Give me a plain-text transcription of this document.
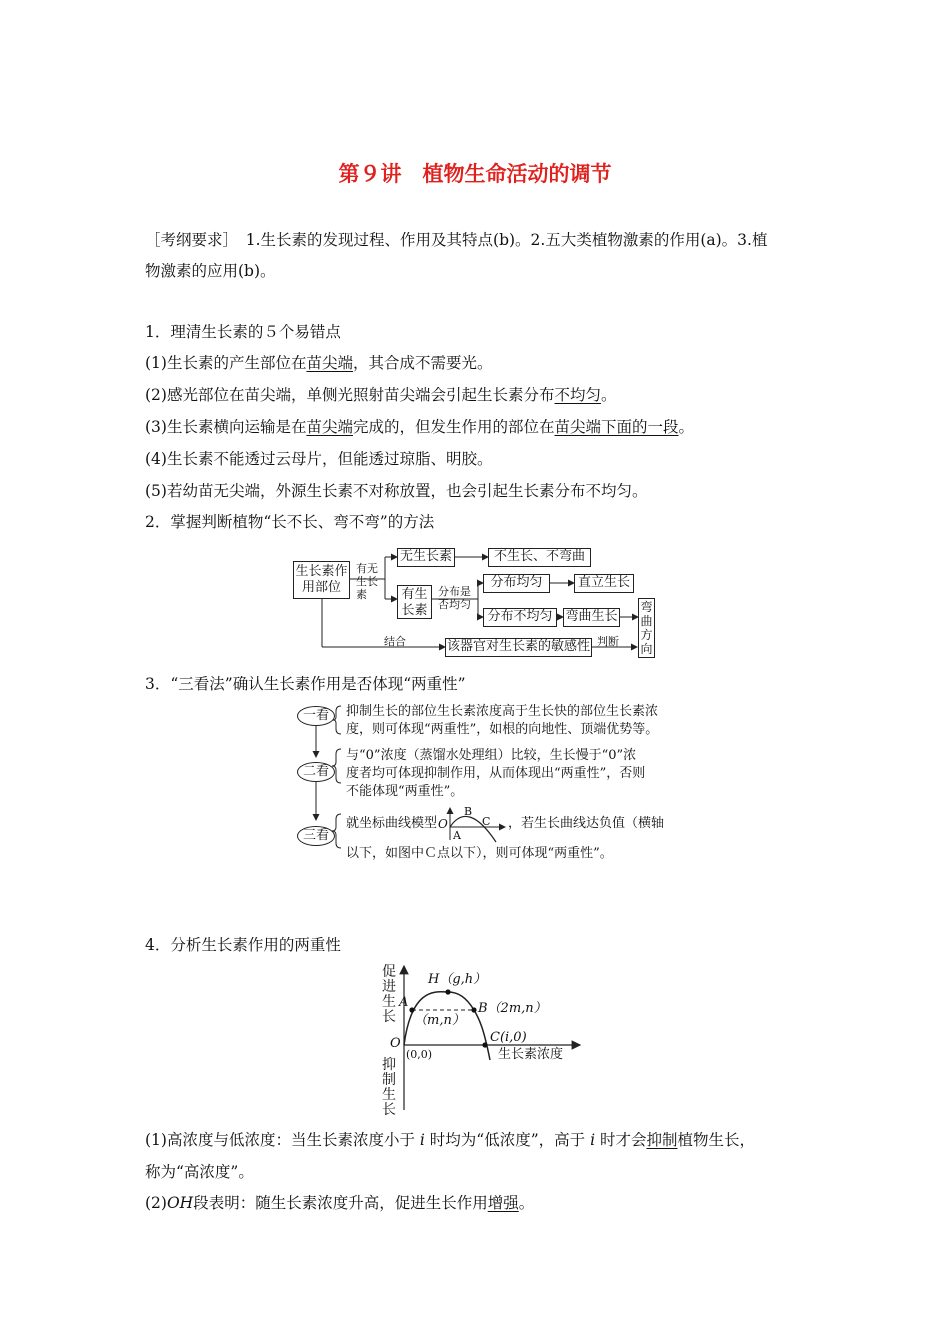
第９讲　植物生命活动的调节
［考纲要求］　1.生长素的发现过程、作用及其特点(b)。2.五大类植物激素的作用(a)。3.植
物激素的应用(b)。
1．理清生长素的５个易错点
(1)生长素的产生部位在苗尖端，其合成不需要光。
(2)感光部位在苗尖端，单侧光照射苗尖端会引起生长素分布不均匀。
(3)生长素横向运输是在苗尖端完成的，但发生作用的部位在苗尖端下面的一段。
(4)生长素不能透过云母片，但能透过琼脂、明胶。
(5)若幼苗无尖端，外源生长素不对称放置，也会引起生长素分布不均匀。
2．掌握判断植物“长不长、弯不弯”的方法
生长素作用部位
有无生长素
无生长素	不生长、不弯曲
有生长素
分布是否均匀
分布均匀	直立生长
分布不均匀 弯曲生长
弯曲方向
结合	该器官对生长素的敏感性 判断
3．“三看法”确认生长素作用是否体现“两重性”
一看	抑制生长的部位生长素浓度高于生长快的部位生长素浓
度，则可体现“两重性”，如根的向地性、顶端优势等。
二看
与“0”浓度（蒸馏水处理组）比较，生长慢于“0”浓
度者均可体现抑制作用，从而体现出“两重性”，否则
不能体现“两重性”。
三看
就坐标曲线模型	，若生长曲线达负值（横轴
以下，如图中Ｃ点以下），则可体现“两重性”。
O
A
B
C
4．分析生长素作用的两重性
促进生长
抑制生长
O
(0,0)
H（g,h）
A
（m,n）
B（2m,n）
C(i,0)
生长素浓度
(1)高浓度与低浓度：当生长素浓度小于 i 时均为“低浓度”，高于 i 时才会抑制植物生长，
称为“高浓度”。
(2)OH段表明：随生长素浓度升高，促进生长作用增强。
